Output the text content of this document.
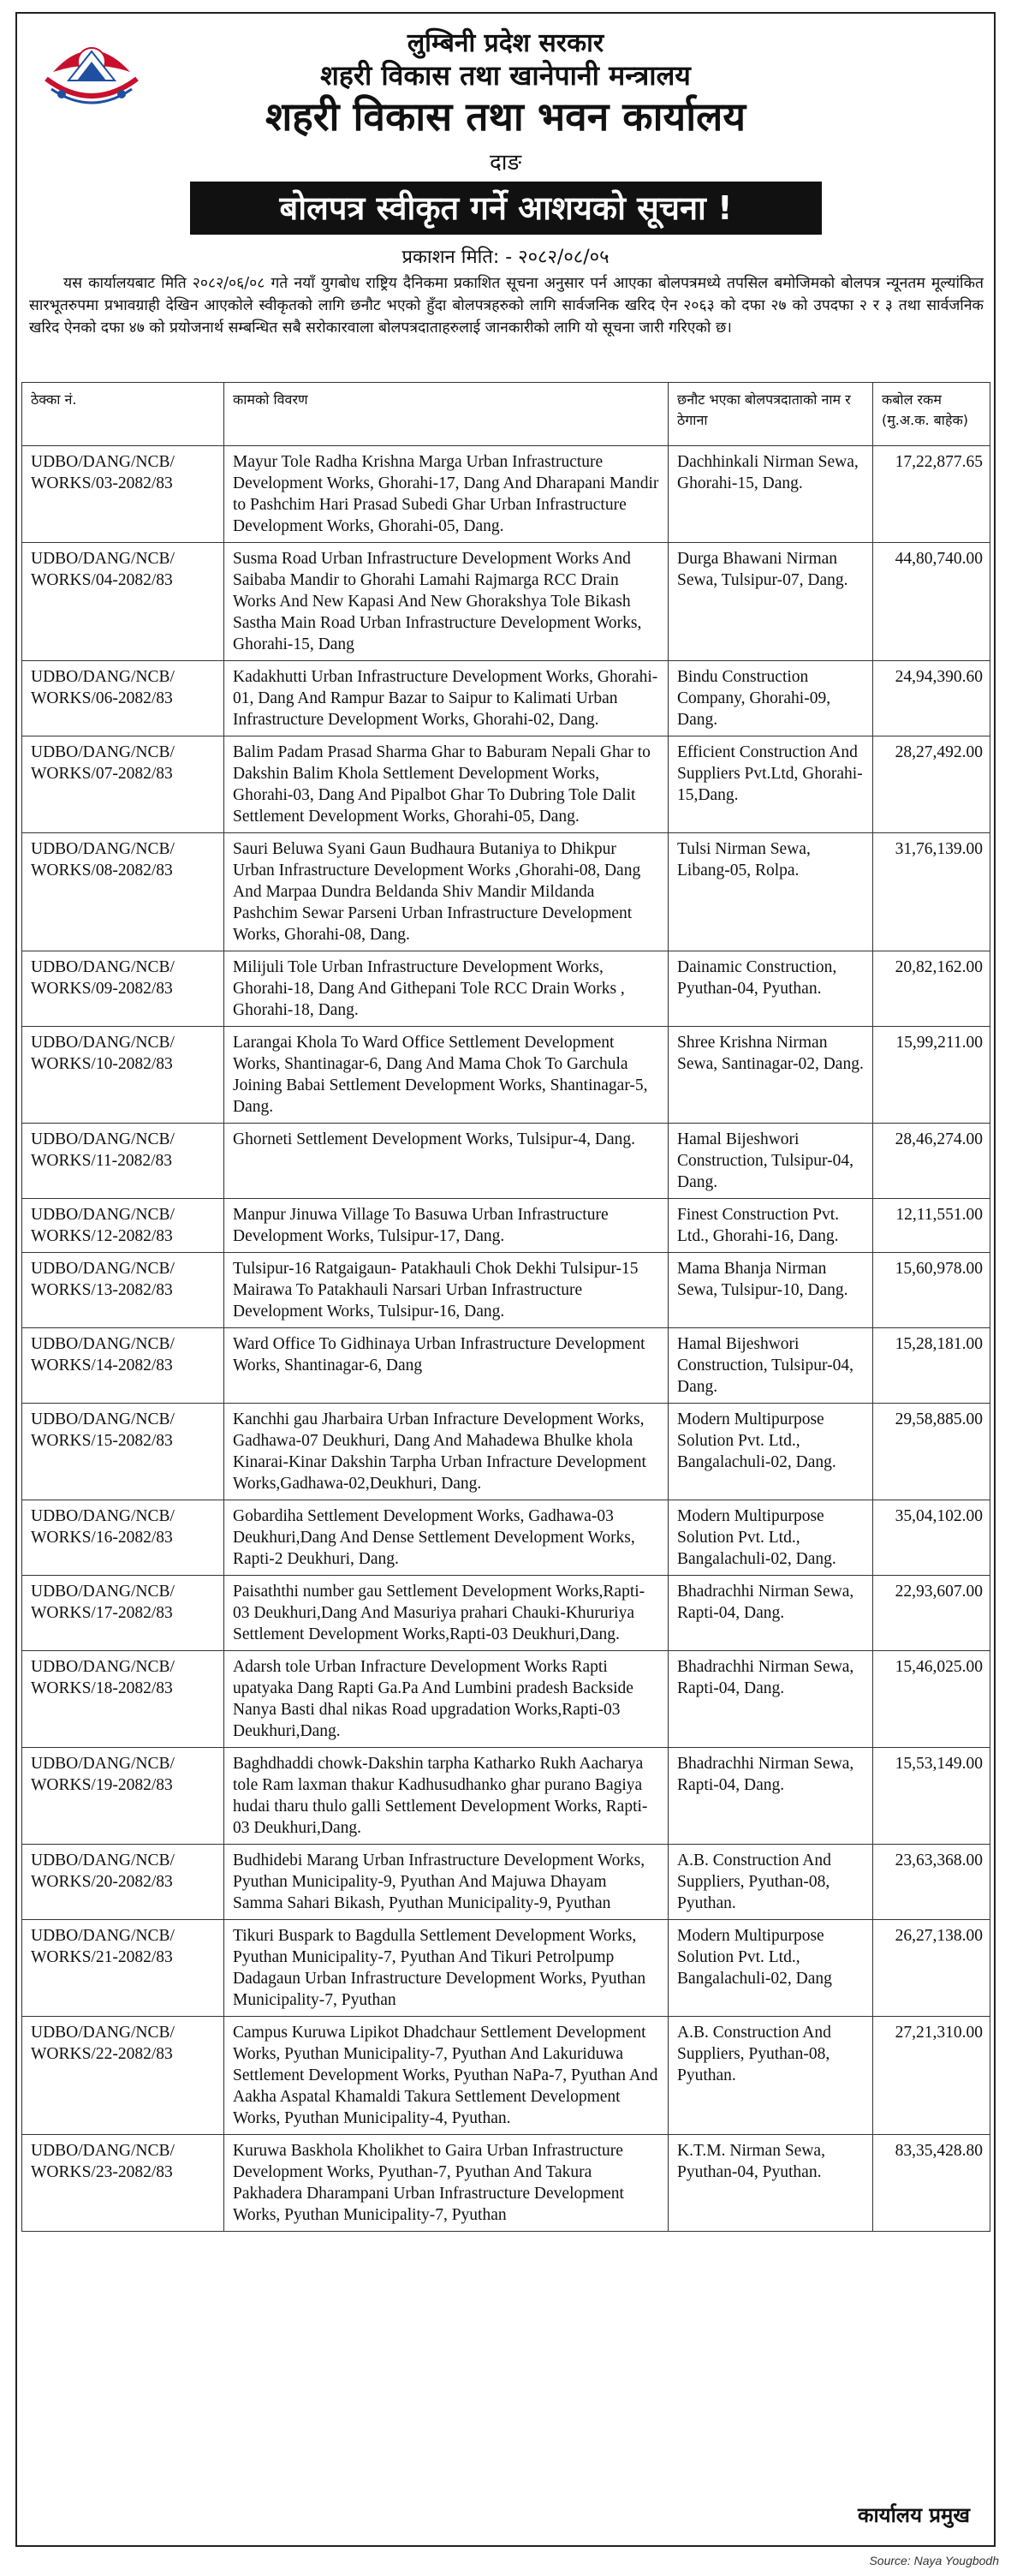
लुम्बिनी प्रदेश सरकार
शहरी विकास तथा खानेपानी मन्त्रालय
शहरी विकास तथा भवन कार्यालय
दाङ
बोलपत्र स्वीकृत गर्ने आशयको सूचना !
प्रकाशन मिति: - २०८२/०८/०५

यस कार्यालयबाट मिति २०८२/०६/०८ गते नयाँ युगबोध राष्ट्रिय दैनिकमा प्रकाशित सूचना अनुसार पर्न आएका बोलपत्रमध्ये तपसिल बमोजिमको बोलपत्र न्यूनतम मूल्यांकित सारभूतरुपमा प्रभावग्राही देखिन आएकोले स्वीकृतको लागि छनौट भएको हुँदा बोलपत्रहरुको लागि सार्वजनिक खरिद ऐन २०६३ को दफा २७ को उपदफा २ र ३ तथा सार्वजनिक खरिद ऐनको दफा ४७ को प्रयोजनार्थ सम्बन्धित सबै सरोकारवाला बोलपत्रदाताहरुलाई जानकारीको लागि यो सूचना जारी गरिएको छ।

ठेक्का नं.	कामको विवरण	छनौट भएका बोलपत्रदाताको नाम र ठेगाना	कबोल रकम (मु.अ.क. बाहेक)
UDBO/DANG/NCB/ WORKS/03-2082/83	Mayur Tole Radha Krishna Marga Urban Infrastructure Development Works, Ghorahi-17, Dang And Dharapani Mandir to Pashchim Hari Prasad Subedi Ghar Urban Infrastructure Development Works, Ghorahi-05, Dang.	Dachhinkali Nirman Sewa, Ghorahi-15, Dang.	17,22,877.65
UDBO/DANG/NCB/ WORKS/04-2082/83	Susma Road Urban Infrastructure Development Works And Saibaba Mandir to Ghorahi Lamahi Rajmarga RCC Drain Works And New Kapasi And New Ghorakshya Tole Bikash Sastha Main Road Urban Infrastructure Development Works, Ghorahi-15, Dang	Durga Bhawani Nirman Sewa, Tulsipur-07, Dang.	44,80,740.00
UDBO/DANG/NCB/ WORKS/06-2082/83	Kadakhutti Urban Infrastructure Development Works, Ghorahi-01, Dang And Rampur Bazar to Saipur to Kalimati Urban Infrastructure Development Works, Ghorahi-02, Dang.	Bindu Construction Company, Ghorahi-09, Dang.	24,94,390.60
UDBO/DANG/NCB/ WORKS/07-2082/83	Balim Padam Prasad Sharma Ghar to Baburam Nepali Ghar to Dakshin Balim Khola Settlement Development Works, Ghorahi-03, Dang And Pipalbot Ghar To Dubring Tole Dalit Settlement Development Works, Ghorahi-05, Dang.	Efficient Construction And Suppliers Pvt.Ltd, Ghorahi-15,Dang.	28,27,492.00
UDBO/DANG/NCB/ WORKS/08-2082/83	Sauri Beluwa Syani Gaun Budhaura Butaniya to Dhikpur Urban Infrastructure Development Works ,Ghorahi-08, Dang And Marpaa Dundra Beldanda Shiv Mandir Mildanda Pashchim Sewar Parseni Urban Infrastructure Development Works, Ghorahi-08, Dang.	Tulsi Nirman Sewa, Libang-05, Rolpa.	31,76,139.00
UDBO/DANG/NCB/ WORKS/09-2082/83	Milijuli Tole Urban Infrastructure Development Works, Ghorahi-18, Dang And Githepani Tole RCC Drain Works , Ghorahi-18, Dang.	Dainamic Construction, Pyuthan-04, Pyuthan.	20,82,162.00
UDBO/DANG/NCB/ WORKS/10-2082/83	Larangai Khola To Ward Office Settlement Development Works, Shantinagar-6, Dang And Mama Chok To Garchula Joining Babai Settlement Development Works, Shantinagar-5, Dang.	Shree Krishna Nirman Sewa, Santinagar-02, Dang.	15,99,211.00
UDBO/DANG/NCB/ WORKS/11-2082/83	Ghorneti Settlement Development Works, Tulsipur-4, Dang.	Hamal Bijeshwori Construction, Tulsipur-04, Dang.	28,46,274.00
UDBO/DANG/NCB/ WORKS/12-2082/83	Manpur Jinuwa Village To Basuwa Urban Infrastructure Development Works, Tulsipur-17, Dang.	Finest Construction Pvt. Ltd., Ghorahi-16, Dang.	12,11,551.00
UDBO/DANG/NCB/ WORKS/13-2082/83	Tulsipur-16 Ratgaigaun- Patakhauli Chok Dekhi Tulsipur-15 Mairawa To Patakhauli Narsari Urban Infrastructure Development Works, Tulsipur-16, Dang.	Mama Bhanja Nirman Sewa, Tulsipur-10, Dang.	15,60,978.00
UDBO/DANG/NCB/ WORKS/14-2082/83	Ward Office To Gidhinaya Urban Infrastructure Development Works, Shantinagar-6, Dang	Hamal Bijeshwori Construction, Tulsipur-04, Dang.	15,28,181.00
UDBO/DANG/NCB/ WORKS/15-2082/83	Kanchhi gau Jharbaira Urban Infracture Development Works, Gadhawa-07 Deukhuri, Dang And Mahadewa Bhulke khola Kinarai-Kinar Dakshin Tarpha Urban Infracture Development Works,Gadhawa-02,Deukhuri, Dang.	Modern Multipurpose Solution Pvt. Ltd., Bangalachuli-02, Dang.	29,58,885.00
UDBO/DANG/NCB/ WORKS/16-2082/83	Gobardiha Settlement Development Works, Gadhawa-03 Deukhuri,Dang And Dense Settlement Development Works, Rapti-2 Deukhuri, Dang.	Modern Multipurpose Solution Pvt. Ltd., Bangalachuli-02, Dang.	35,04,102.00
UDBO/DANG/NCB/ WORKS/17-2082/83	Paisaththi number gau Settlement Development Works,Rapti-03 Deukhuri,Dang And Masuriya prahari Chauki-Khururiya Settlement Development Works,Rapti-03 Deukhuri,Dang.	Bhadrachhi Nirman Sewa, Rapti-04, Dang.	22,93,607.00
UDBO/DANG/NCB/ WORKS/18-2082/83	Adarsh tole Urban Infracture Development Works Rapti upatyaka Dang Rapti Ga.Pa And Lumbini pradesh Backside Nanya Basti dhal nikas Road upgradation Works,Rapti-03 Deukhuri,Dang.	Bhadrachhi Nirman Sewa, Rapti-04, Dang.	15,46,025.00
UDBO/DANG/NCB/ WORKS/19-2082/83	Baghdhaddi chowk-Dakshin tarpha Katharko Rukh Aacharya tole Ram laxman thakur Kadhusudhanko ghar purano Bagiya hudai tharu thulo galli Settlement Development Works, Rapti-03 Deukhuri,Dang.	Bhadrachhi Nirman Sewa, Rapti-04, Dang.	15,53,149.00
UDBO/DANG/NCB/ WORKS/20-2082/83	Budhidebi Marang Urban Infrastructure Development Works, Pyuthan Municipality-9, Pyuthan And Majuwa Dhayam Samma Sahari Bikash, Pyuthan Municipality-9, Pyuthan	A.B. Construction And Suppliers, Pyuthan-08, Pyuthan.	23,63,368.00
UDBO/DANG/NCB/ WORKS/21-2082/83	Tikuri Buspark to Bagdulla Settlement Development Works, Pyuthan Municipality-7, Pyuthan And Tikuri Petrolpump Dadagaun Urban Infrastructure Development Works, Pyuthan Municipality-7, Pyuthan	Modern Multipurpose Solution Pvt. Ltd., Bangalachuli-02, Dang	26,27,138.00
UDBO/DANG/NCB/ WORKS/22-2082/83	Campus Kuruwa Lipikot Dhadchaur Settlement Development Works, Pyuthan Municipality-7, Pyuthan And Lakuriduwa Settlement Development Works, Pyuthan NaPa-7, Pyuthan And Aakha Aspatal Khamaldi Takura Settlement Development Works, Pyuthan Municipality-4, Pyuthan.	A.B. Construction And Suppliers, Pyuthan-08, Pyuthan.	27,21,310.00
UDBO/DANG/NCB/ WORKS/23-2082/83	Kuruwa Baskhola Kholikhet to Gaira Urban Infrastructure Development Works, Pyuthan-7, Pyuthan And Takura Pakhadera Dharampani Urban Infrastructure Development Works, Pyuthan Municipality-7, Pyuthan	K.T.M. Nirman Sewa, Pyuthan-04, Pyuthan.	83,35,428.80
कार्यालय प्रमुख
Source: Naya Yougbodh
